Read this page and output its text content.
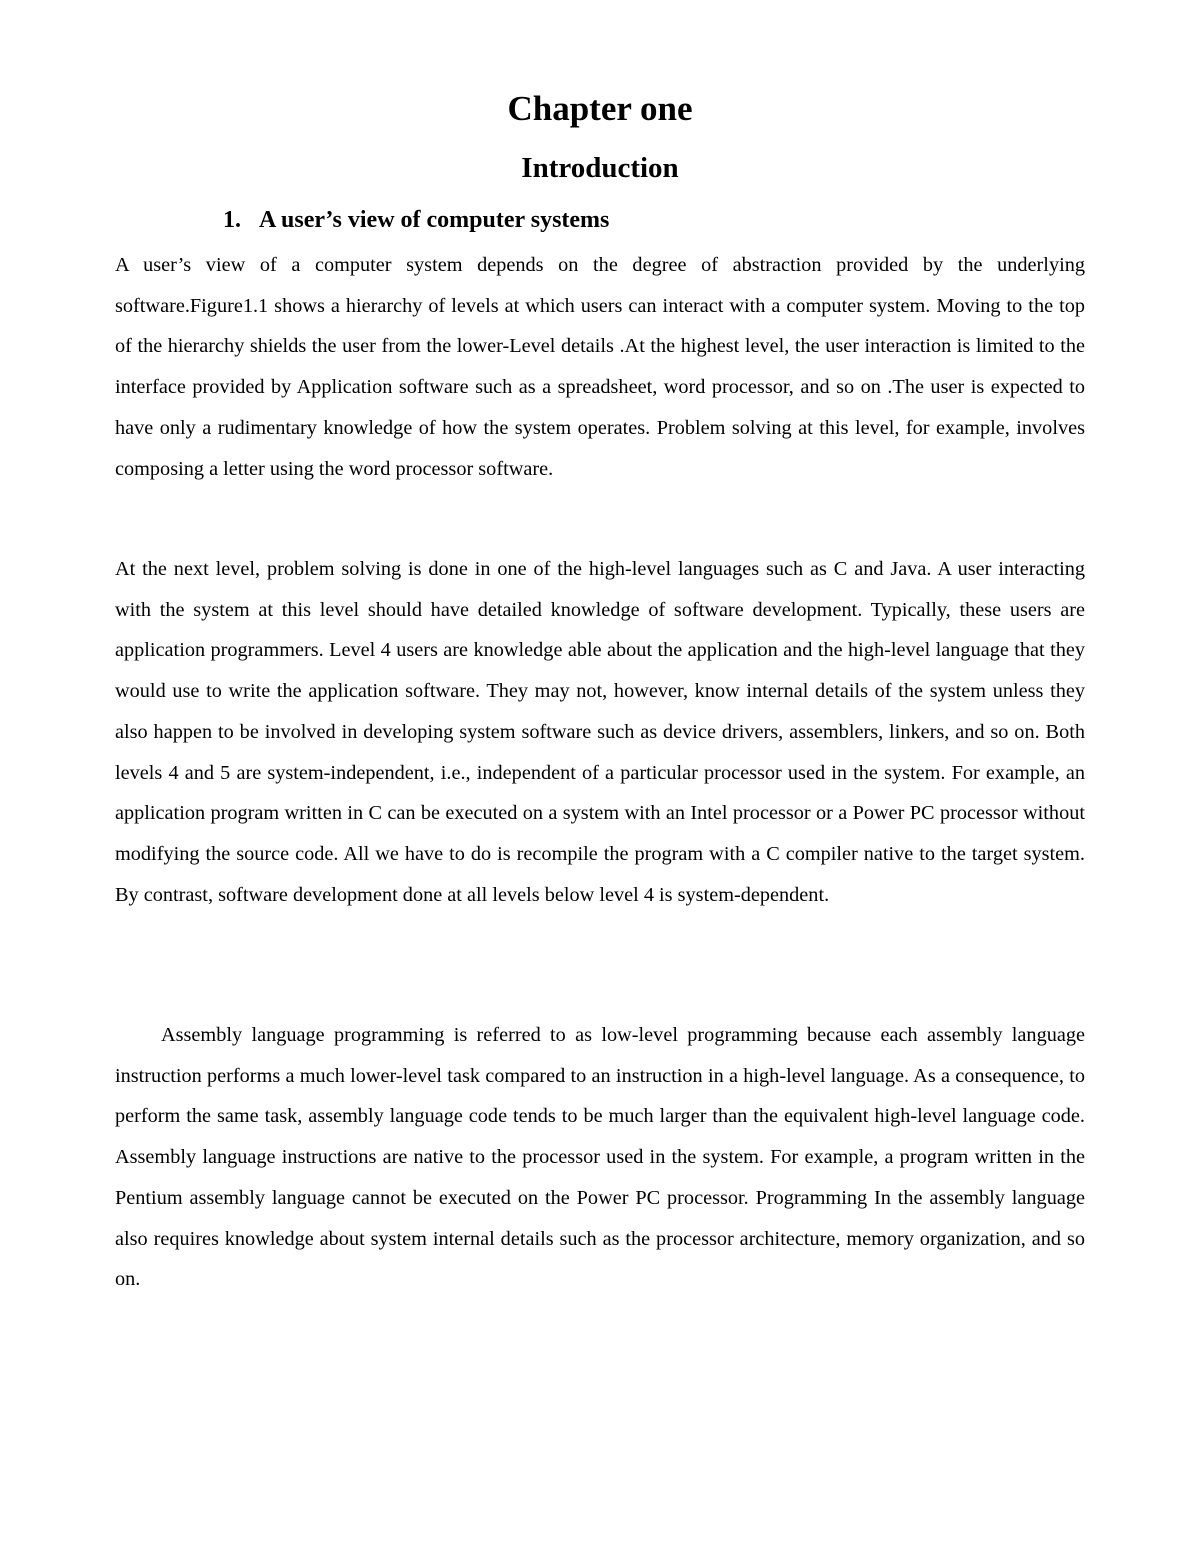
Chapter one
Introduction
1. A user’s view of computer systems

A user’s view of a computer system depends on the degree of abstraction provided by the underlying software.Figure1.1 shows a hierarchy of levels at which users can interact with a computer system. Moving to the top of the hierarchy shields the user from the lower-Level details .At the highest level, the user interaction is limited to the interface provided by Application software such as a spreadsheet, word processor, and so on .The user is expected to have only a rudimentary knowledge of how the system operates. Problem solving at this level, for example, involves composing a letter using the word processor software.

At the next level, problem solving is done in one of the high-level languages such as C and Java. A user interacting with the system at this level should have detailed knowledge of software development. Typically, these users are application programmers. Level 4 users are knowledge able about the application and the high-level language that they would use to write the application software. They may not, however, know internal details of the system unless they also happen to be involved in developing system software such as device drivers, assemblers, linkers, and so on. Both levels 4 and 5 are system-independent, i.e., independent of a particular processor used in the system. For example, an application program written in C can be executed on a system with an Intel processor or a Power PC processor without modifying the source code. All we have to do is recompile the program with a C compiler native to the target system. By contrast, software development done at all levels below level 4 is system-dependent.

Assembly language programming is referred to as low-level programming because each assembly language instruction performs a much lower-level task compared to an instruction in a high-level language. As a consequence, to perform the same task, assembly language code tends to be much larger than the equivalent high-level language code. Assembly language instructions are native to the processor used in the system. For example, a program written in the Pentium assembly language cannot be executed on the Power PC processor. Programming In the assembly language also requires knowledge about system internal details such as the processor architecture, memory organization, and so on.
